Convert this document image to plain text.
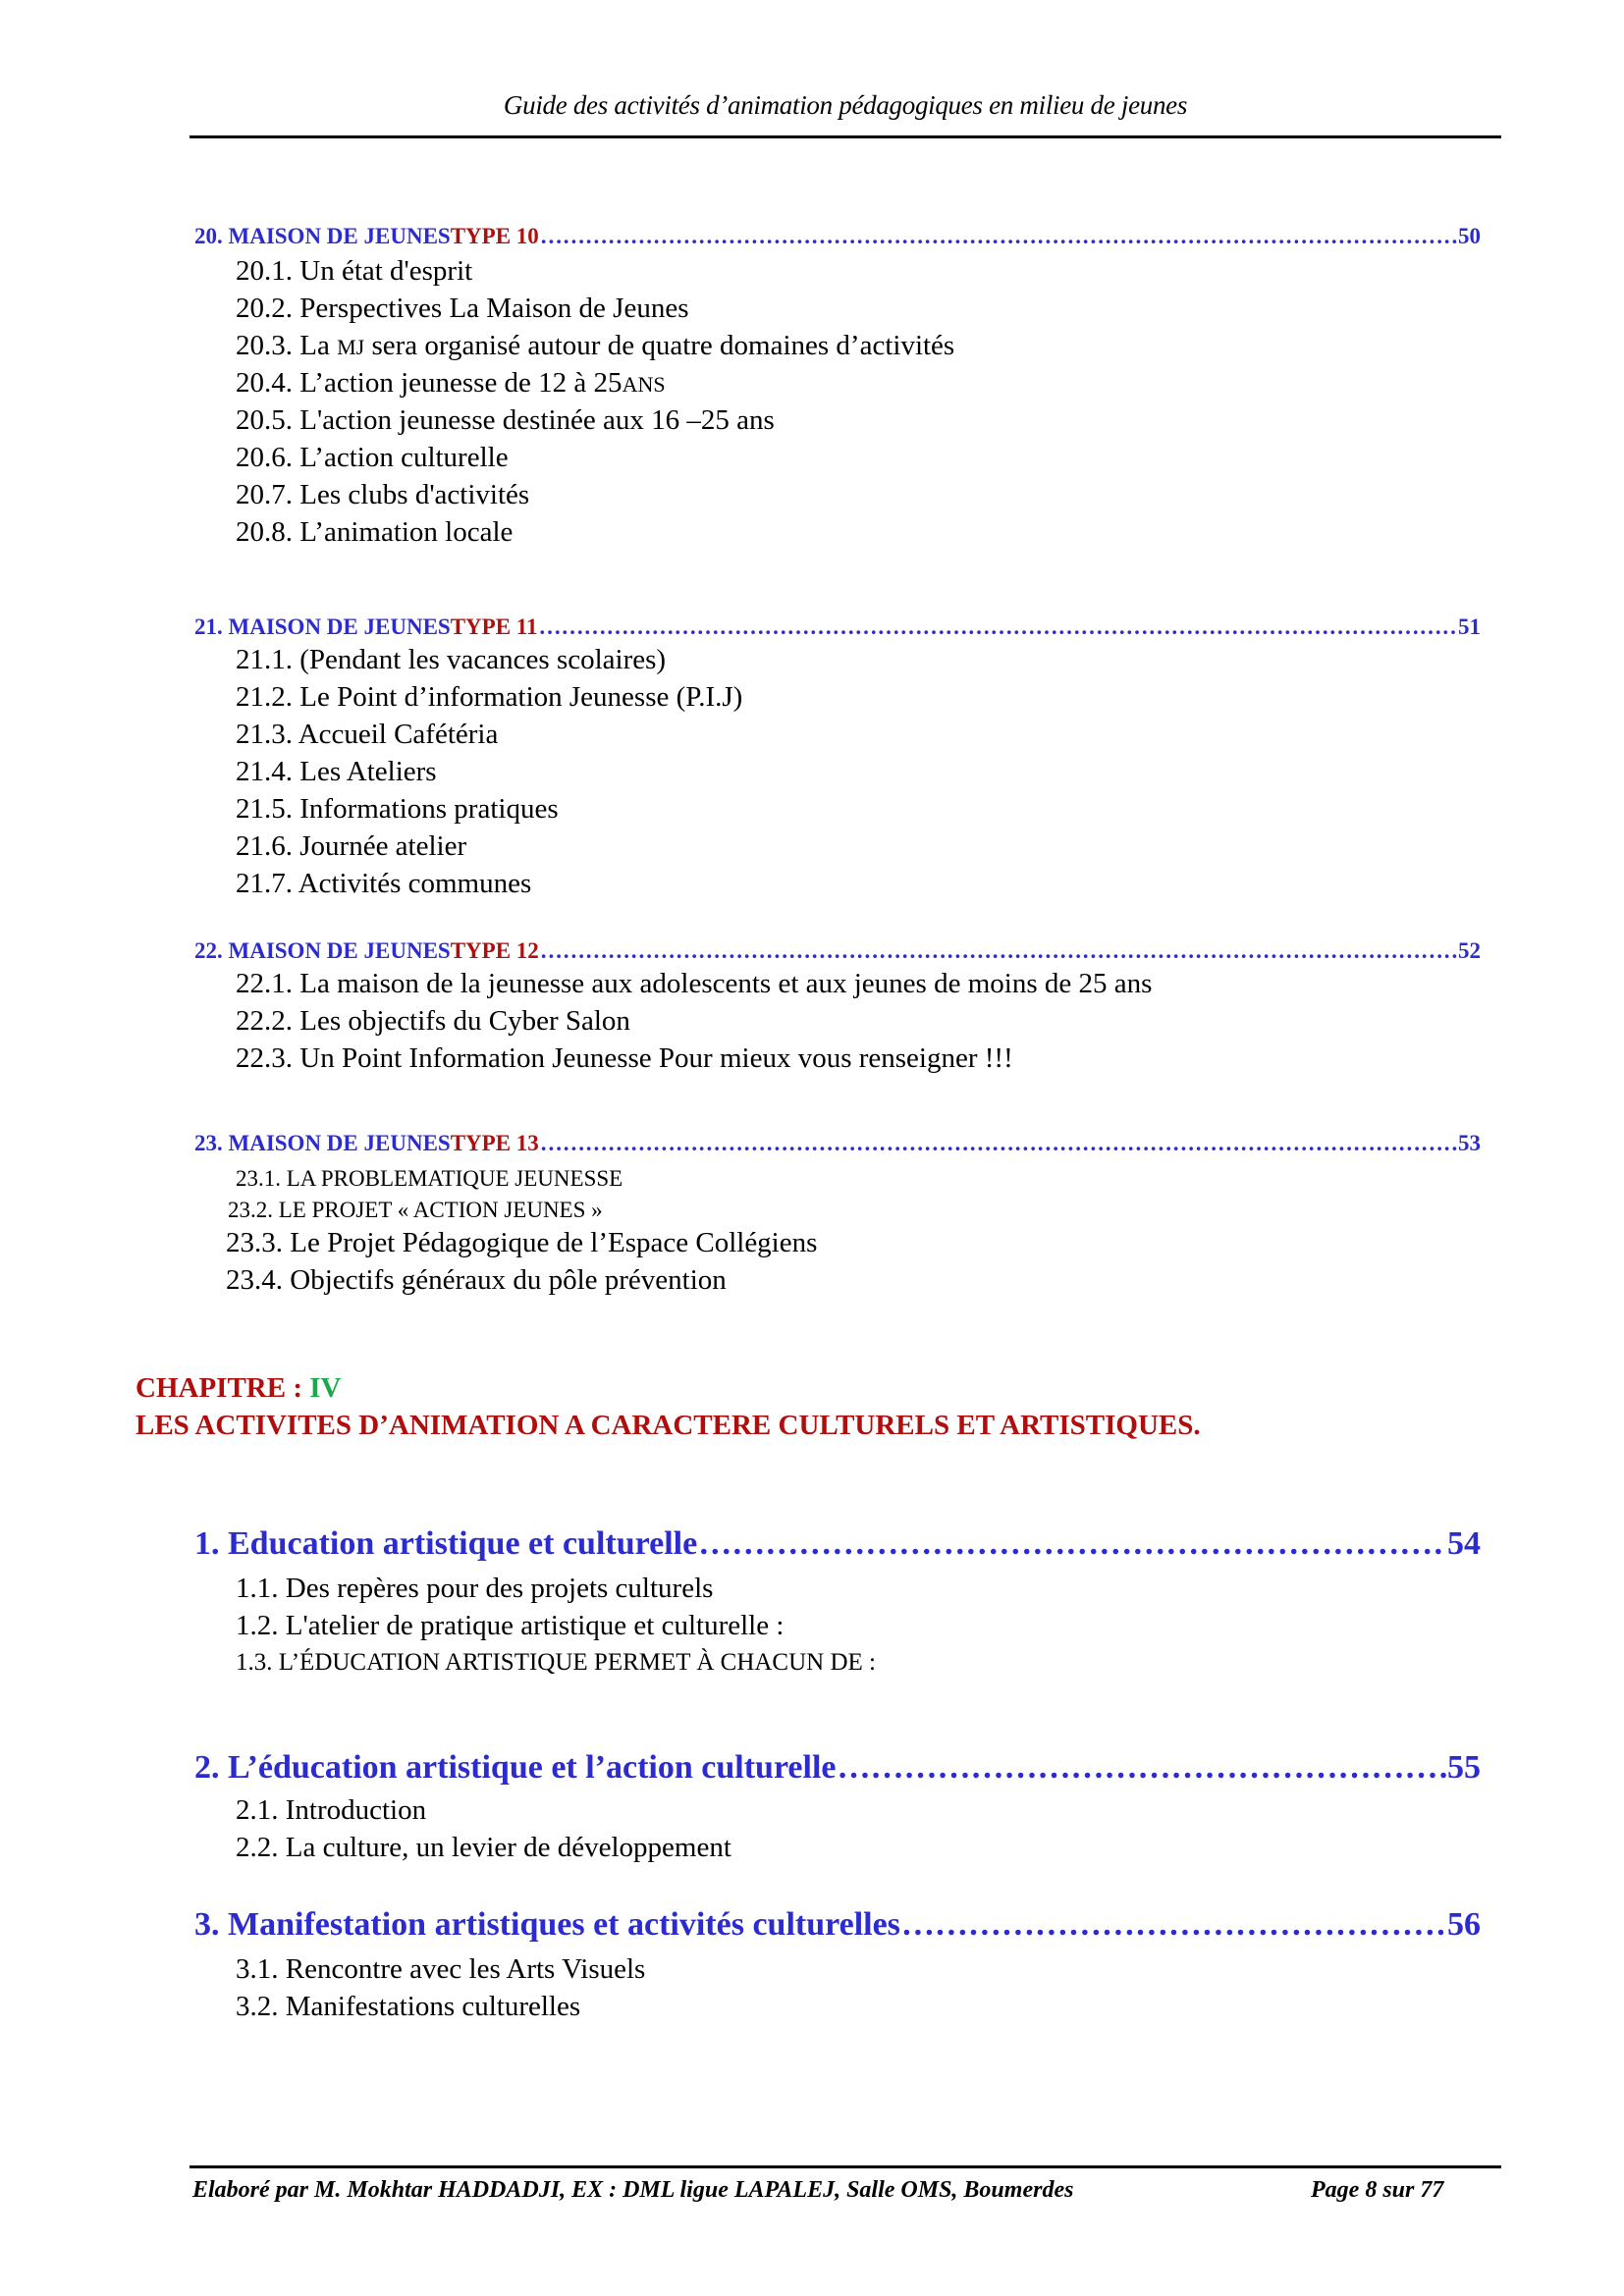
Guide des activités d’animation pédagogiques en milieu de jeunes
20. MAISON DE JEUNES TYPE 10 ……………………………………………………………………………………………………………………………………………………………………………	50
20.1. Un état d'esprit
20.2. Perspectives La Maison de Jeunes
20.3. La MJ sera organisé autour de quatre domaines d’activités
20.4. L’action jeunesse de 12 à 25ANS
20.5. L'action jeunesse destinée aux 16 –25 ans
20.6. L’action culturelle
20.7. Les clubs d'activités
20.8. L’animation locale
21. MAISON DE JEUNES TYPE 11 ……………………………………………………………………………………………………………………………………………………………………………	51
21.1. (Pendant les vacances scolaires)
21.2. Le Point d’information Jeunesse (P.I.J)
21.3. Accueil Cafétéria
21.4. Les Ateliers
21.5. Informations pratiques
21.6. Journée atelier
21.7. Activités communes
22. MAISON DE JEUNES TYPE 12 ……………………………………………………………………………………………………………………………………………………………………………	52
22.1. La maison de la jeunesse aux adolescents et aux jeunes de moins de 25 ans
22.2. Les objectifs du Cyber Salon
22.3. Un Point Information Jeunesse Pour mieux vous renseigner !!!
23. MAISON DE JEUNES TYPE 13 ……………………………………………………………………………………………………………………………………………………………………………	53
23.1. LA PROBLEMATIQUE JEUNESSE
23.2. LE PROJET « ACTION JEUNES »
23.3. Le Projet Pédagogique de l’Espace Collégiens
23.4. Objectifs généraux du pôle prévention
CHAPITRE : IV
LES ACTIVITES D’ANIMATION A CARACTERE CULTURELS ET ARTISTIQUES.
1. Education artistique et culturelle ………………………………………………………………………………………………………………………………………	54
1.1. Des repères pour des projets culturels
1.2. L'atelier de pratique artistique et culturelle :
1.3. L’ÉDUCATION ARTISTIQUE PERMET À CHACUN DE :
2. L’éducation artistique et l’action culturelle ………………………………………………………………………………………………………………………………………	55
2.1. Introduction
2.2. La culture, un levier de développement
3. Manifestation artistiques et activités culturelles ………………………………………………………………………………………………………………………………………	56
3.1. Rencontre avec les Arts Visuels
3.2. Manifestations culturelles
Elaboré par M. Mokhtar HADDADJI, EX : DML ligue LAPALEJ, Salle OMS, Boumerdes	Page 8 sur 77
